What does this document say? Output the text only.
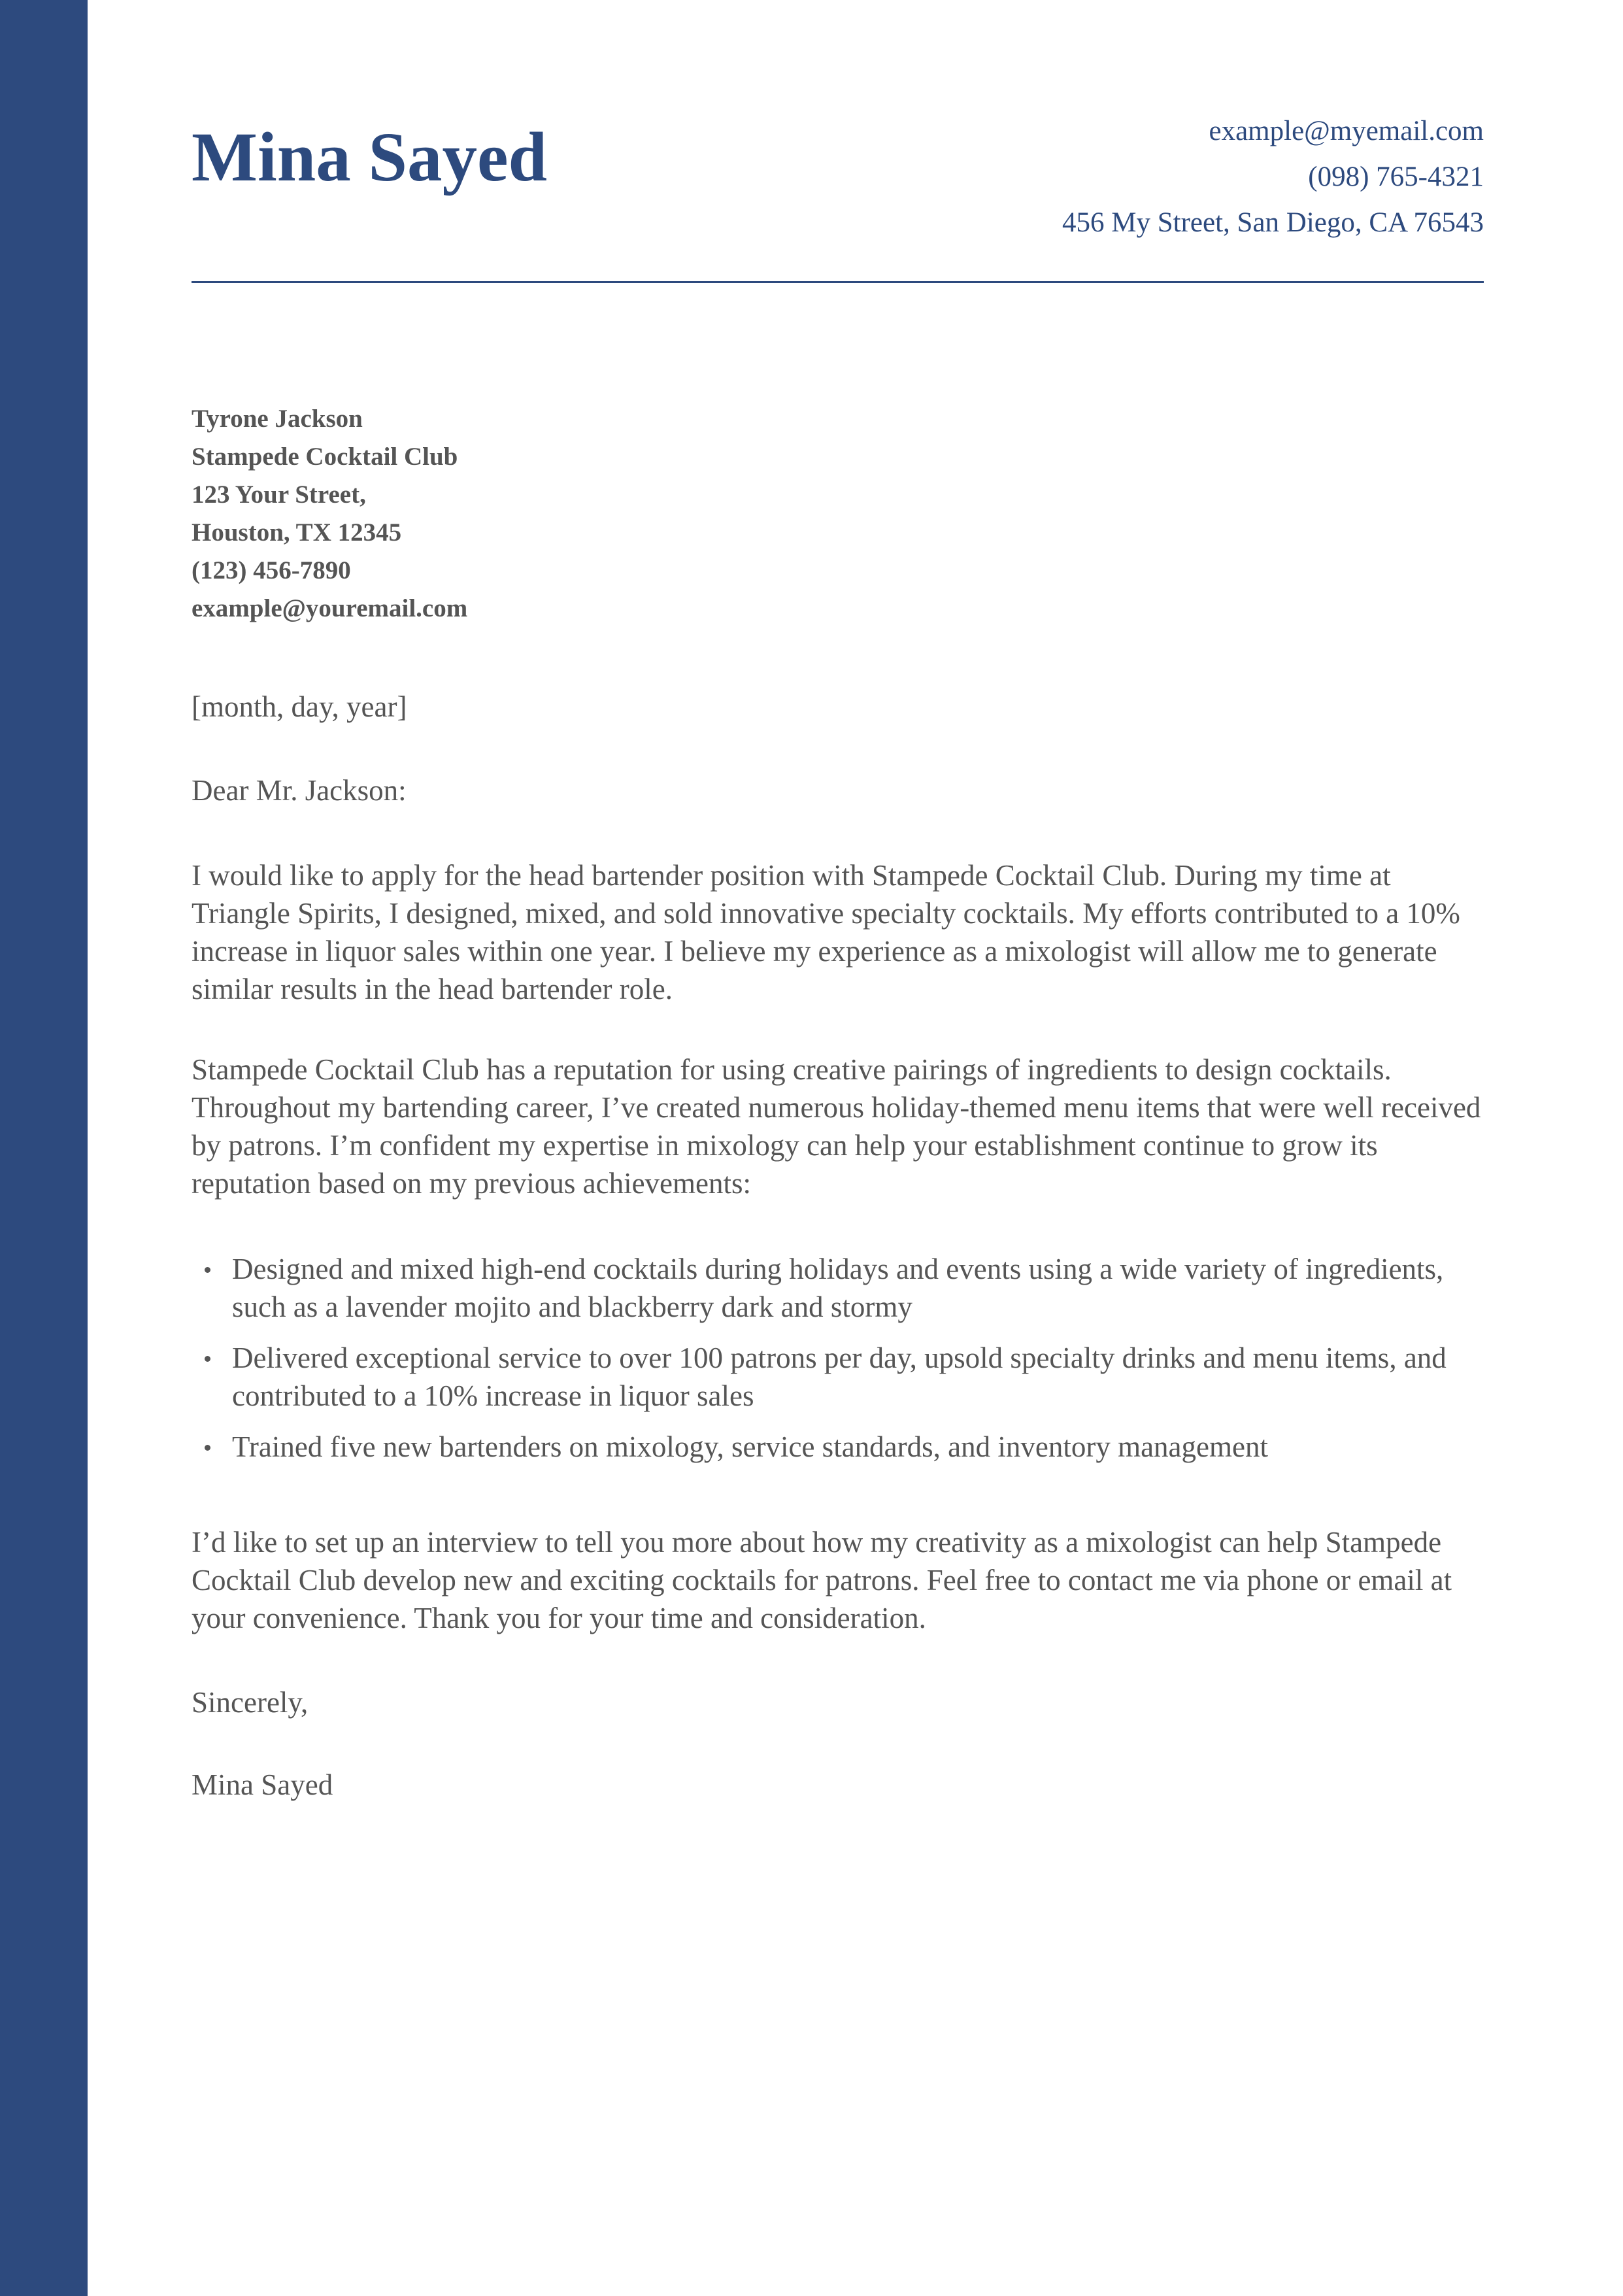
Mina Sayed	example@myemail.com
(098) 765-4321
456 My Street, San Diego, CA 76543
Tyrone Jackson
Stampede Cocktail Club
123 Your Street,
Houston, TX 12345
(123) 456-7890
example@youremail.com
[month, day, year]
Dear Mr. Jackson:

I would like to apply for the head bartender position with Stampede Cocktail Club. During my time at Triangle Spirits, I designed, mixed, and sold innovative specialty cocktails. My efforts contributed to a 10% increase in liquor sales within one year. I believe my experience as a mixologist will allow me to generate similar results in the head bartender role.

Stampede Cocktail Club has a reputation for using creative pairings of ingredients to design cocktails. Throughout my bartending career, I’ve created numerous holiday-themed menu items that were well received by patrons. I’m confident my expertise in mixology can help your establishment continue to grow its reputation based on my previous achievements:

Designed and mixed high-end cocktails during holidays and events using a wide variety of ingredients, such as a lavender mojito and blackberry dark and stormy
Delivered exceptional service to over 100 patrons per day, upsold specialty drinks and menu items, and contributed to a 10% increase in liquor sales
Trained five new bartenders on mixology, service standards, and inventory management

I’d like to set up an interview to tell you more about how my creativity as a mixologist can help Stampede Cocktail Club develop new and exciting cocktails for patrons. Feel free to contact me via phone or email at your convenience. Thank you for your time and consideration.

Sincerely,
Mina Sayed
